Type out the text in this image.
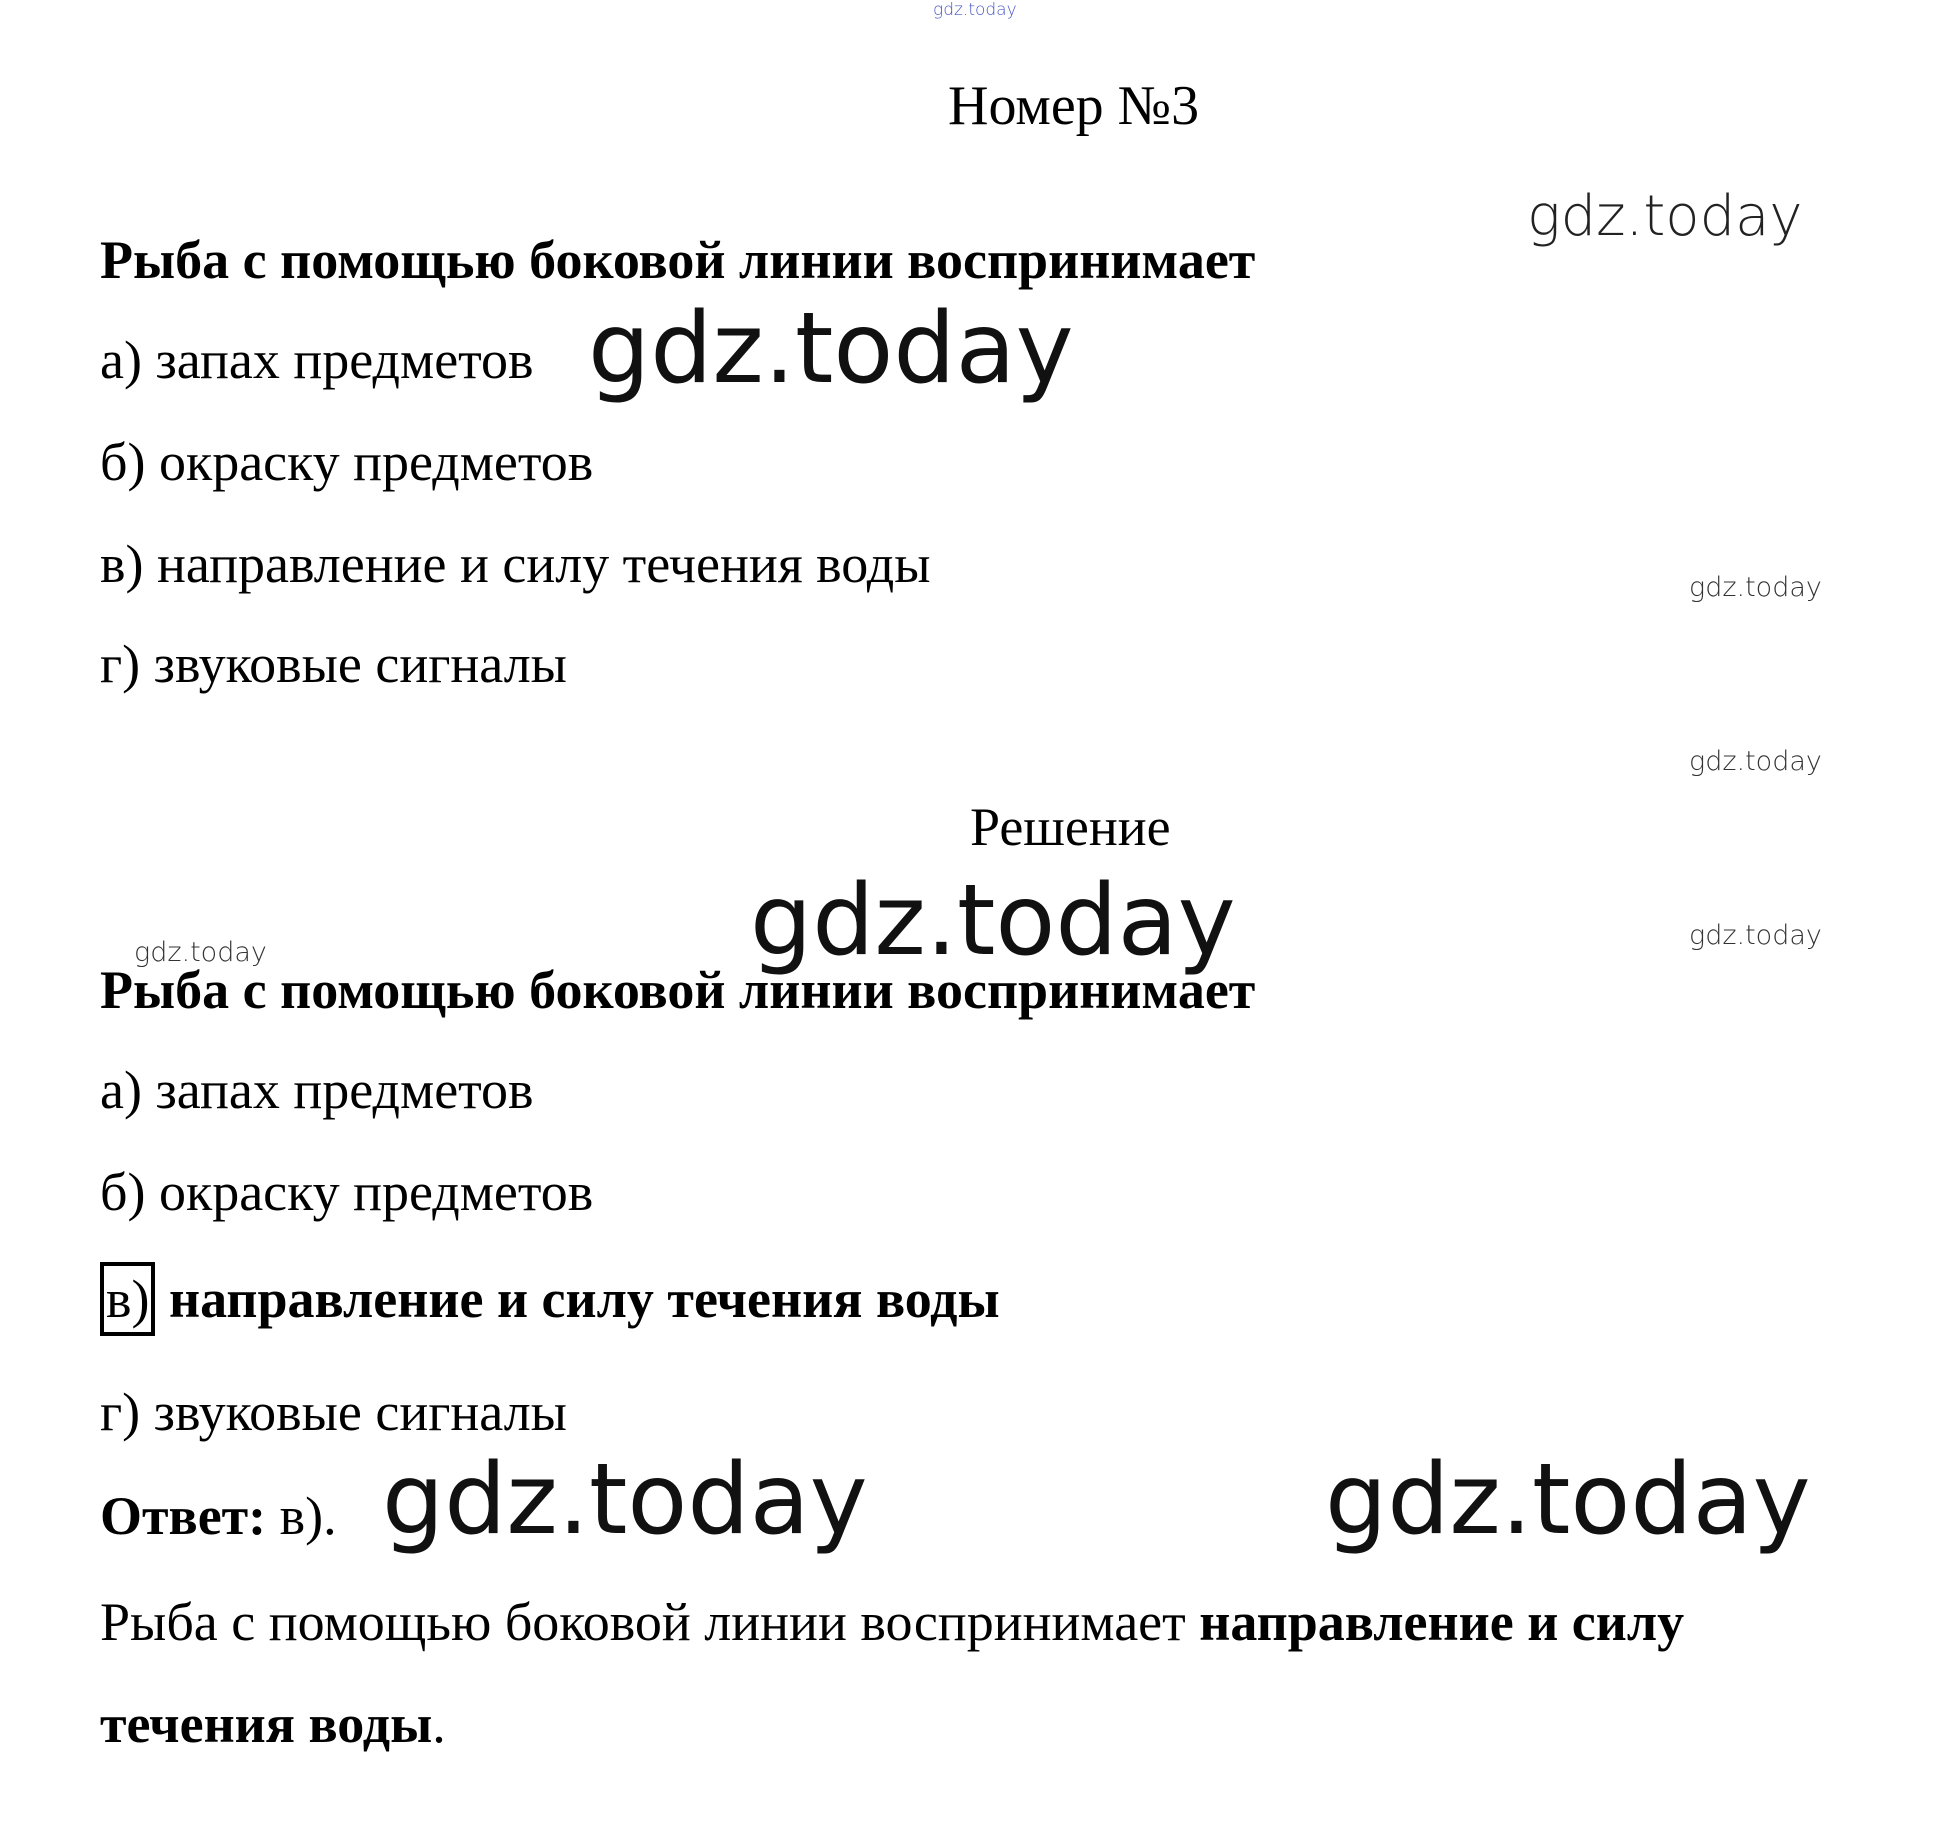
gdz.today
gdz.today
gdz.today
gdz.today
gdz.today
gdz.today	gdz.today
gdz.today
gdz.today	gdz.today
Номер №3
Рыба с помощью боковой линии воспринимает
а) запах предметов
б) окраску предметов
в) направление и силу течения воды
г) звуковые сигналы
Решение
Рыба с помощью боковой линии воспринимает
а) запах предметов
б) окраску предметов
в) направление и силу течения воды
г) звуковые сигналы
Ответ: в).
Рыба с помощью боковой линии воспринимает направление и силу
течения воды.
